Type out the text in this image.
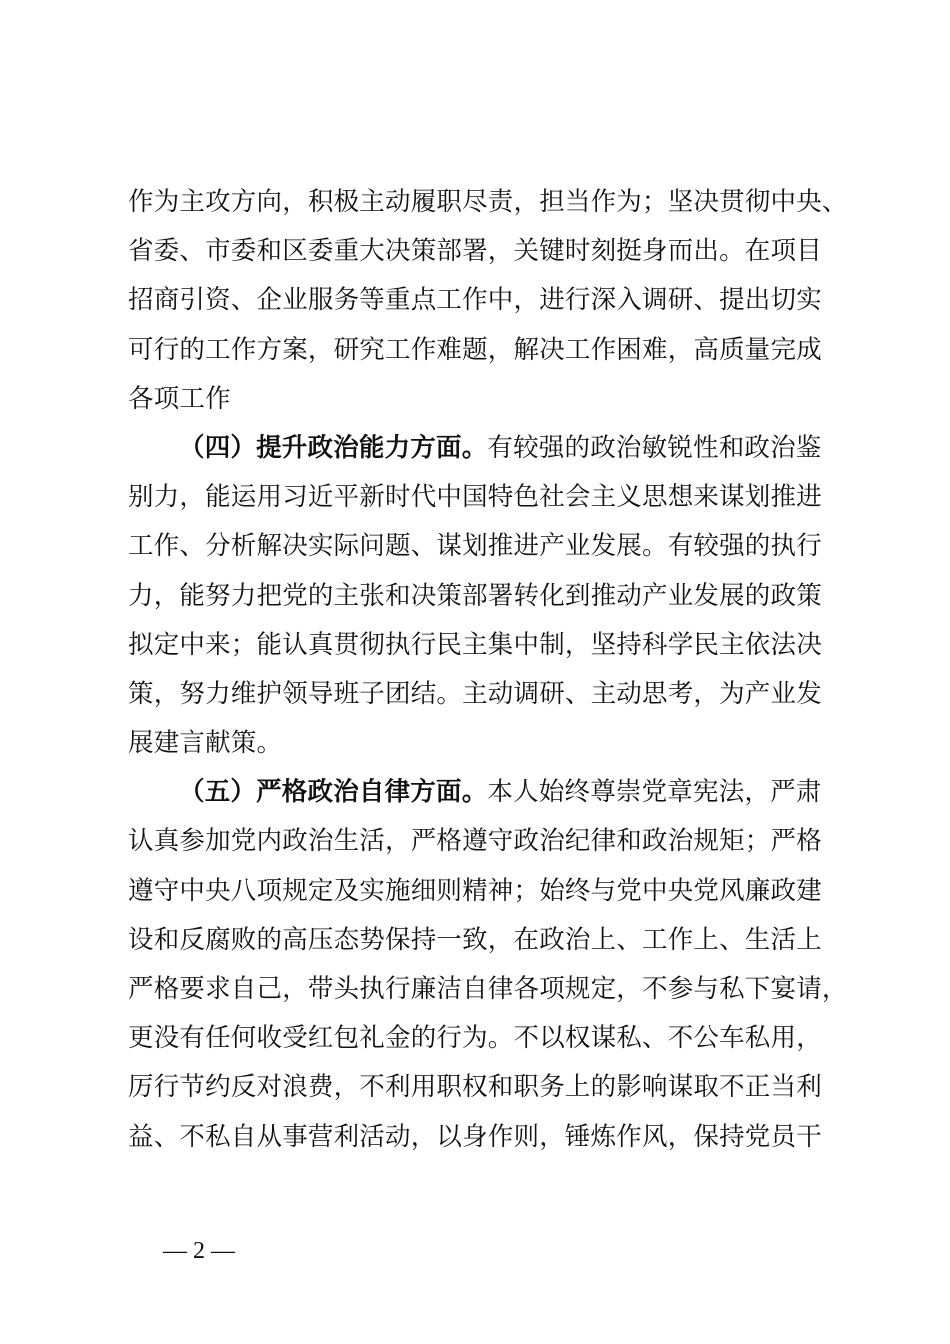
作为主攻方向，积极主动履职尽责，担当作为；坚决贯彻中央、
省委、市委和区委重大决策部署，关键时刻挺身而出。在项目
招商引资、企业服务等重点工作中，进行深入调研、提出切实
可行的工作方案，研究工作难题，解决工作困难，高质量完成
各项工作
（四）提升政治能力方面。有较强的政治敏锐性和政治鉴
别力，能运用习近平新时代中国特色社会主义思想来谋划推进
工作、分析解决实际问题、谋划推进产业发展。有较强的执行
力，能努力把党的主张和决策部署转化到推动产业发展的政策
拟定中来；能认真贯彻执行民主集中制，坚持科学民主依法决
策，努力维护领导班子团结。主动调研、主动思考，为产业发
展建言献策。
（五）严格政治自律方面。本人始终尊崇党章宪法，严肃
认真参加党内政治生活，严格遵守政治纪律和政治规矩；严格
遵守中央八项规定及实施细则精神；始终与党中央党风廉政建
设和反腐败的高压态势保持一致，在政治上、工作上、生活上
严格要求自己，带头执行廉洁自律各项规定，不参与私下宴请，
更没有任何收受红包礼金的行为。不以权谋私、不公车私用，
厉行节约反对浪费，不利用职权和职务上的影响谋取不正当利
益、不私自从事营利活动，以身作则，锤炼作风，保持党员干
— 2 —
